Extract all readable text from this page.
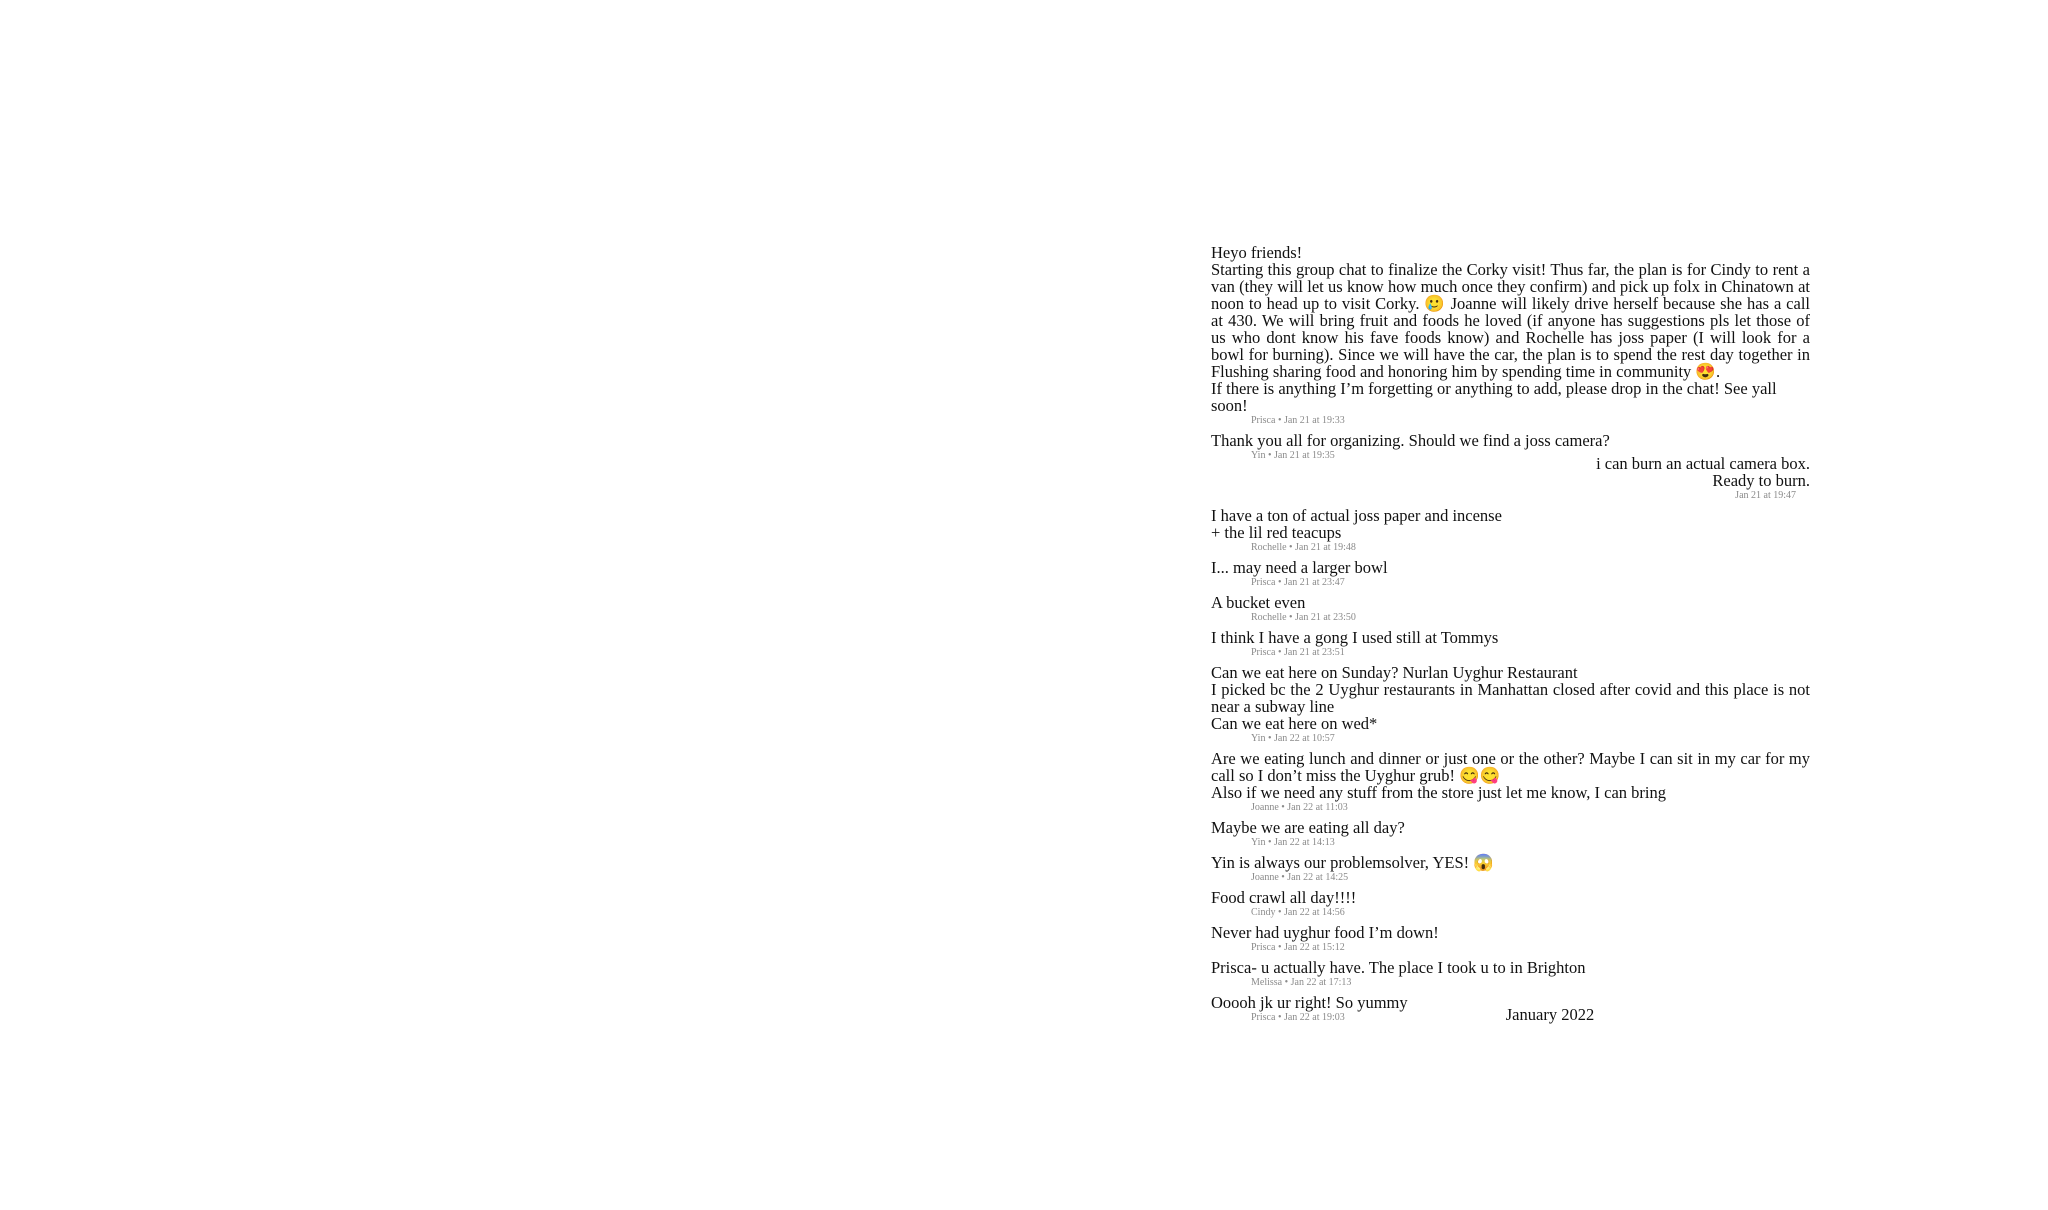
Heyo friends!
Starting this group chat to finalize the Corky visit! Thus far, the plan is for Cindy to rent a van (they will let us know how much once they confirm) and pick up folx in Chinatown at noon to head up to visit Corky. 🥲 Joanne will likely drive herself because she has a call at 430. We will bring fruit and foods he loved (if anyone has suggestions pls let those of us who dont know his fave foods know) and Rochelle has joss paper (I will look for a bowl for burning). Since we will have the car, the plan is to spend the rest day together in Flushing sharing food and honoring him by spending time in community 😍.
If there is anything I’m forgetting or anything to add, please drop in the chat! See yall soon!
Prisca • Jan 21 at 19:33
Thank you all for organizing. Should we find a joss camera?
Yin • Jan 21 at 19:35	i can burn an actual camera box.
Ready to burn.
Jan 21 at 19:47
I have a ton of actual joss paper and incense
+ the lil red teacups
Rochelle • Jan 21 at 19:48
I... may need a larger bowl
Prisca • Jan 21 at 23:47
A bucket even
Rochelle • Jan 21 at 23:50
I think I have a gong I used still at Tommys
Prisca • Jan 21 at 23:51
Can we eat here on Sunday? Nurlan Uyghur Restaurant
I picked bc the 2 Uyghur restaurants in Manhattan closed after covid and this place is not near a subway line
Can we eat here on wed*
Yin • Jan 22 at 10:57
Are we eating lunch and dinner or just one or the other? Maybe I can sit in my car for my call so I don’t miss the Uyghur grub! 😋😋
Also if we need any stuff from the store just let me know, I can bring
Joanne • Jan 22 at 11:03
Maybe we are eating all day?
Yin • Jan 22 at 14:13
Yin is always our problemsolver, YES! 😱
Joanne • Jan 22 at 14:25
Food crawl all day!!!!
Cindy • Jan 22 at 14:56
Never had uyghur food I’m down!
Prisca • Jan 22 at 15:12
Prisca- u actually have. The place I took u to in Brighton
Melissa • Jan 22 at 17:13
Ooooh jk ur right! So yummy
Prisca • Jan 22 at 19:03	January 2022
